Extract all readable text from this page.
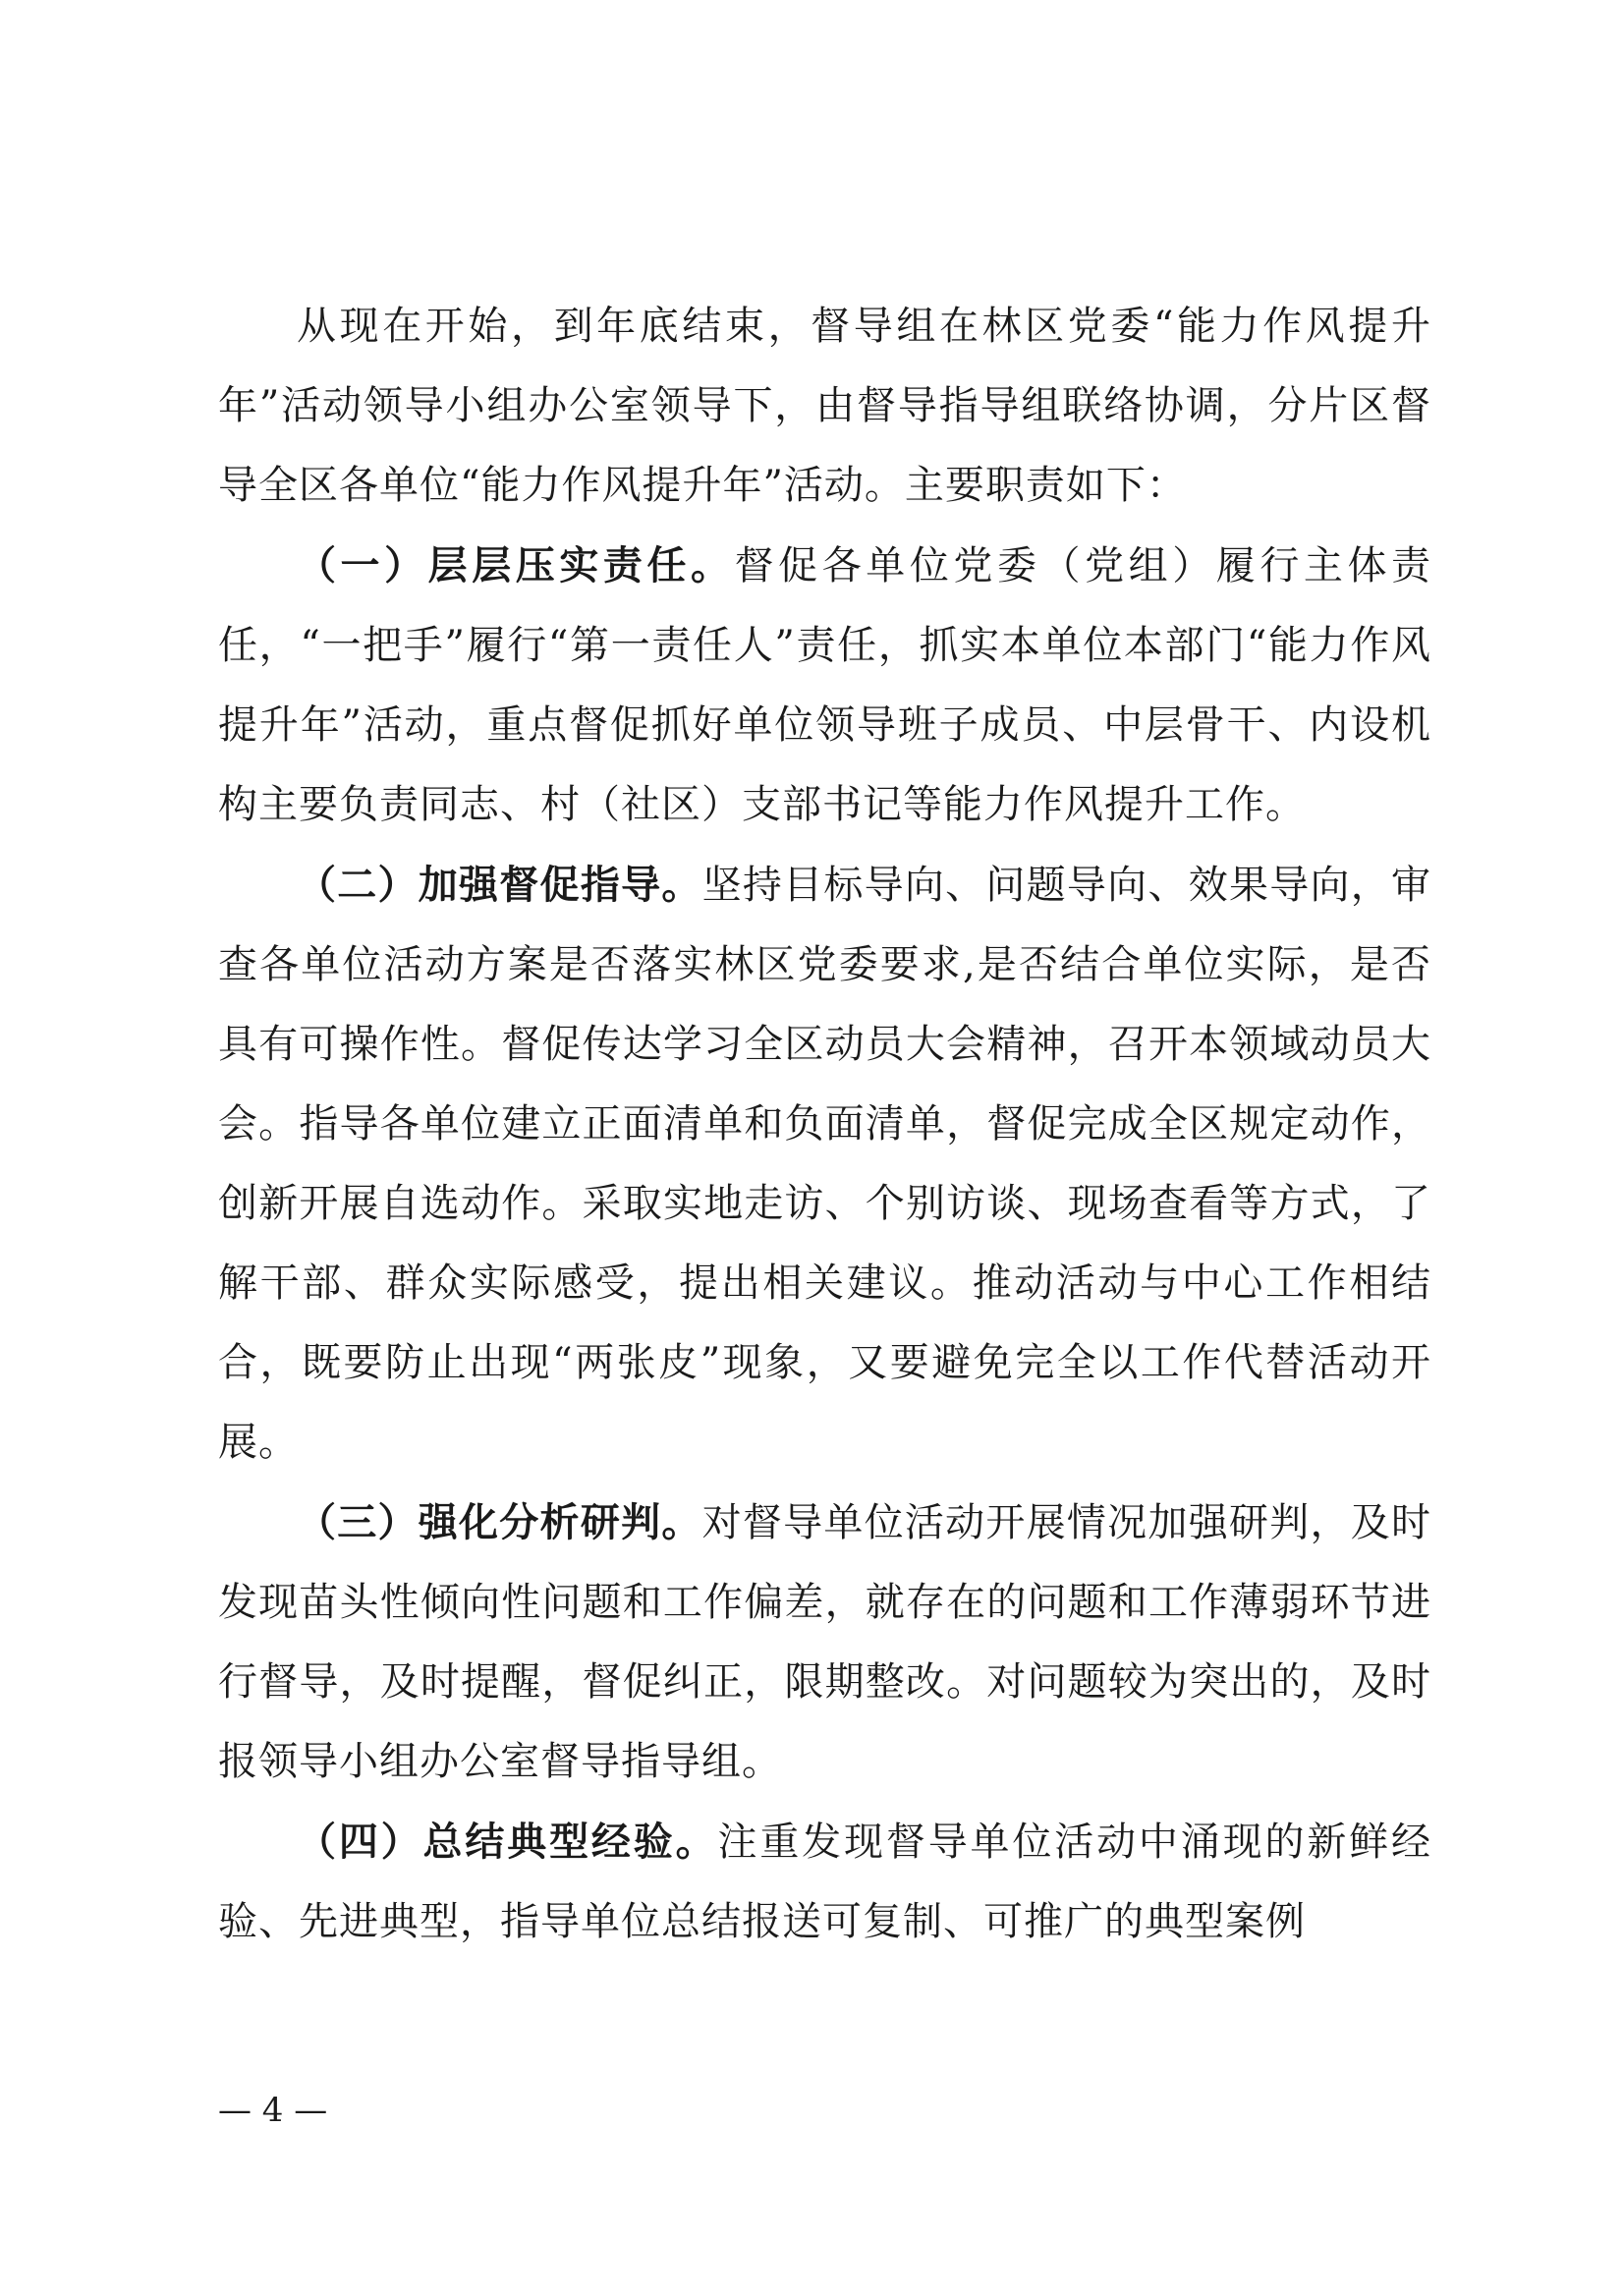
从现在开始，到年底结束，督导组在林区党委“能力作风提升年”活动领导小组办公室领导下，由督导指导组联络协调，分片区督导全区各单位“能力作风提升年”活动。主要职责如下：

（一）层层压实责任。督促各单位党委（党组）履行主体责任，“一把手”履行“第一责任人”责任，抓实本单位本部门“能力作风提升年”活动，重点督促抓好单位领导班子成员、中层骨干、内设机构主要负责同志、村（社区）支部书记等能力作风提升工作。

（二）加强督促指导。坚持目标导向、问题导向、效果导向，审查各单位活动方案是否落实林区党委要求,是否结合单位实际，是否具有可操作性。督促传达学习全区动员大会精神，召开本领域动员大会。指导各单位建立正面清单和负面清单，督促完成全区规定动作，创新开展自选动作。采取实地走访、个别访谈、现场查看等方式，了解干部、群众实际感受，提出相关建议。推动活动与中心工作相结合，既要防止出现“两张皮”现象，又要避免完全以工作代替活动开展。

（三）强化分析研判。对督导单位活动开展情况加强研判，及时发现苗头性倾向性问题和工作偏差，就存在的问题和工作薄弱环节进行督导，及时提醒，督促纠正，限期整改。对问题较为突出的，及时报领导小组办公室督导指导组。

（四）总结典型经验。注重发现督导单位活动中涌现的新鲜经验、先进典型，指导单位总结报送可复制、可推广的典型案例

— 4 —
